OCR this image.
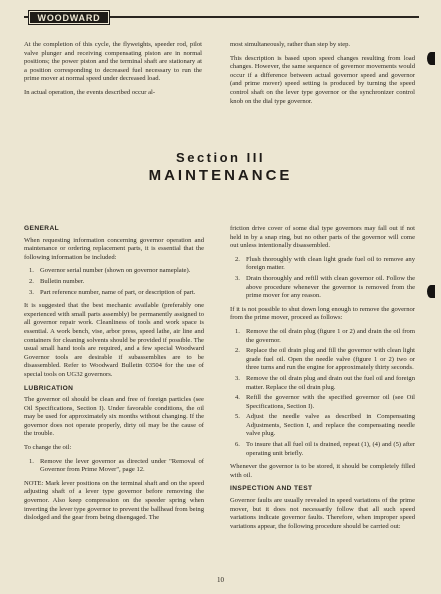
WOODWARD

At the completion of this cycle, the flyweights, speeder rod, pilot valve plunger and receiving compensating piston are in normal positions; the power piston and the terminal shaft are stationary at a position corresponding to decreased fuel necessary to run the prime mover at normal speed under decreased load.

In actual operation, the events described occur al-

most simultaneously, rather than step by step.

This description is based upon speed changes resulting from load changes. However, the same sequence of governor movements would occur if a difference between actual governor speed and governor (and prime mover) speed setting is produced by turning the speed control shaft on the lever type governor or the synchronizer control knob on the dial type governor.

Section III
MAINTENANCE
GENERAL

When requesting information concerning governor operation and maintenance or ordering replacement parts, it is essential that the following information be included:

1. Governor serial number (shown on governor nameplate).
2. Bulletin number.
3. Part reference number, name of part, or description of part.

It is suggested that the best mechanic available (preferably one experienced with small parts assembly) be permanently assigned to all governor repair work. Cleanliness of tools and work space is essential. A work bench, vise, arbor press, speed lathe, air line and containers for cleaning solvents should be provided if possible. The usual small hand tools are required, and a few special Woodward Governor tools are desirable if subassemblies are to be disassembled. Refer to Woodward Bulletin 03504 for the use of special tools on UG32 governors.

LUBRICATION

The governor oil should be clean and free of foreign particles (see Oil Specifications, Section I). Under favorable conditions, the oil may be used for approximately six months without changing. If the governor does not operate properly, dirty oil may be the cause of the trouble.

To change the oil:

1. Remove the lever governor as directed under "Removal of Governor from Prime Mover", page 12.

NOTE: Mark lever positions on the terminal shaft and on the speed adjusting shaft of a lever type governor before removing the governor. Also keep compression on the speeder spring when inverting the lever type governor to prevent the ballhead from being dislodged and the gear from being disengaged. The

friction drive cover of some dial type governors may fall out if not held in by a snap ring, but no other parts of the governor will come out unless intentionally disassembled.

2. Flush thoroughly with clean light grade fuel oil to remove any foreign matter.
3. Drain thoroughly and refill with clean governor oil. Follow the above procedure whenever the governor is removed from the prime mover for any reason.

If it is not possible to shut down long enough to remove the governor from the prime mover, proceed as follows:

1. Remove the oil drain plug (figure 1 or 2) and drain the oil from the governor.
2. Replace the oil drain plug and fill the governor with clean light grade fuel oil. Open the needle valve (figure 1 or 2) two or three turns and run the engine for approximately thirty seconds.
3. Remove the oil drain plug and drain out the fuel oil and foreign matter. Replace the oil drain plug.
4. Refill the governor with the specified governor oil (see Oil Specifications, Section I).
5. Adjust the needle valve as described in Compensating Adjustments, Section I, and replace the compensating needle valve plug.
6. To insure that all fuel oil is drained, repeat (1), (4) and (5) after operating unit briefly.

Whenever the governor is to be stored, it should be completely filled with oil.

INSPECTION AND TEST

Governor faults are usually revealed in speed variations of the prime mover, but it does not necessarily follow that all such speed variations indicate governor faults. Therefore, when improper speed variations appear, the following procedure should be carried out:

10
